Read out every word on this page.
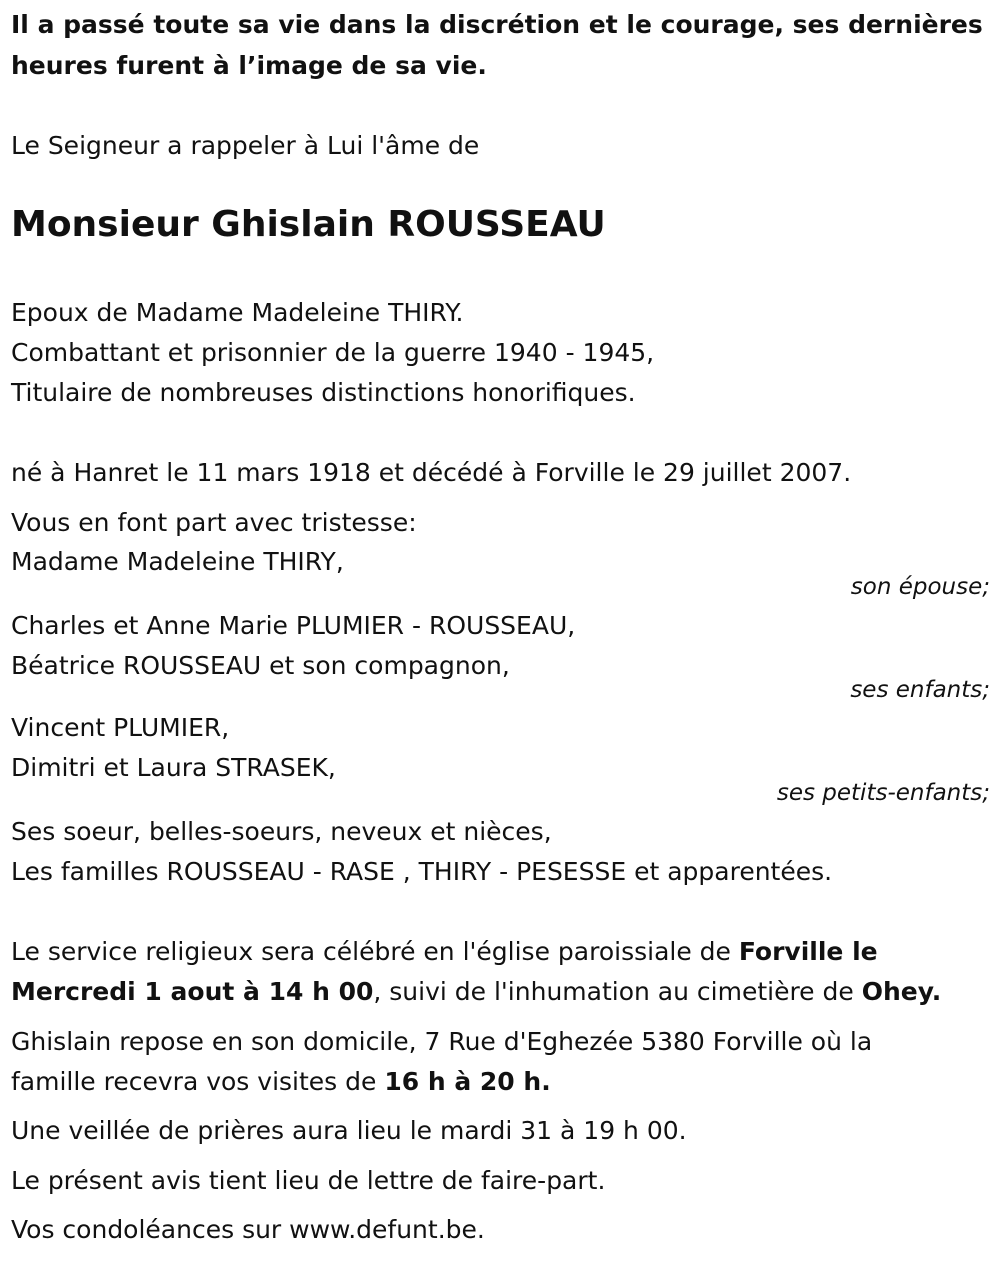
Il a passé toute sa vie dans la discrétion et le courage, ses dernières
heures furent à l’image de sa vie.
Le Seigneur a rappeler à Lui l'âme de
Monsieur Ghislain ROUSSEAU
Epoux de Madame Madeleine THIRY.
Combattant et prisonnier de la guerre 1940 - 1945,
Titulaire de nombreuses distinctions honorifiques.
né à Hanret le 11 mars 1918 et décédé à Forville le 29 juillet 2007.
Vous en font part avec tristesse:
Madame Madeleine THIRY,
son épouse;
Charles et Anne Marie PLUMIER - ROUSSEAU,
Béatrice ROUSSEAU et son compagnon,
ses enfants;
Vincent PLUMIER,
Dimitri et Laura STRASEK,
ses petits-enfants;
Ses soeur, belles-soeurs, neveux et nièces,
Les familles ROUSSEAU - RASE , THIRY - PESESSE et apparentées.
Le service religieux sera célébré en l'église paroissiale de Forville le
Mercredi 1 aout à 14 h 00, suivi de l'inhumation au cimetière de Ohey.
Ghislain repose en son domicile, 7 Rue d'Eghezée 5380 Forville où la
famille recevra vos visites de 16 h à 20 h.
Une veillée de prières aura lieu le mardi 31 à 19 h 00.
Le présent avis tient lieu de lettre de faire-part.
Vos condoléances sur www.defunt.be.
